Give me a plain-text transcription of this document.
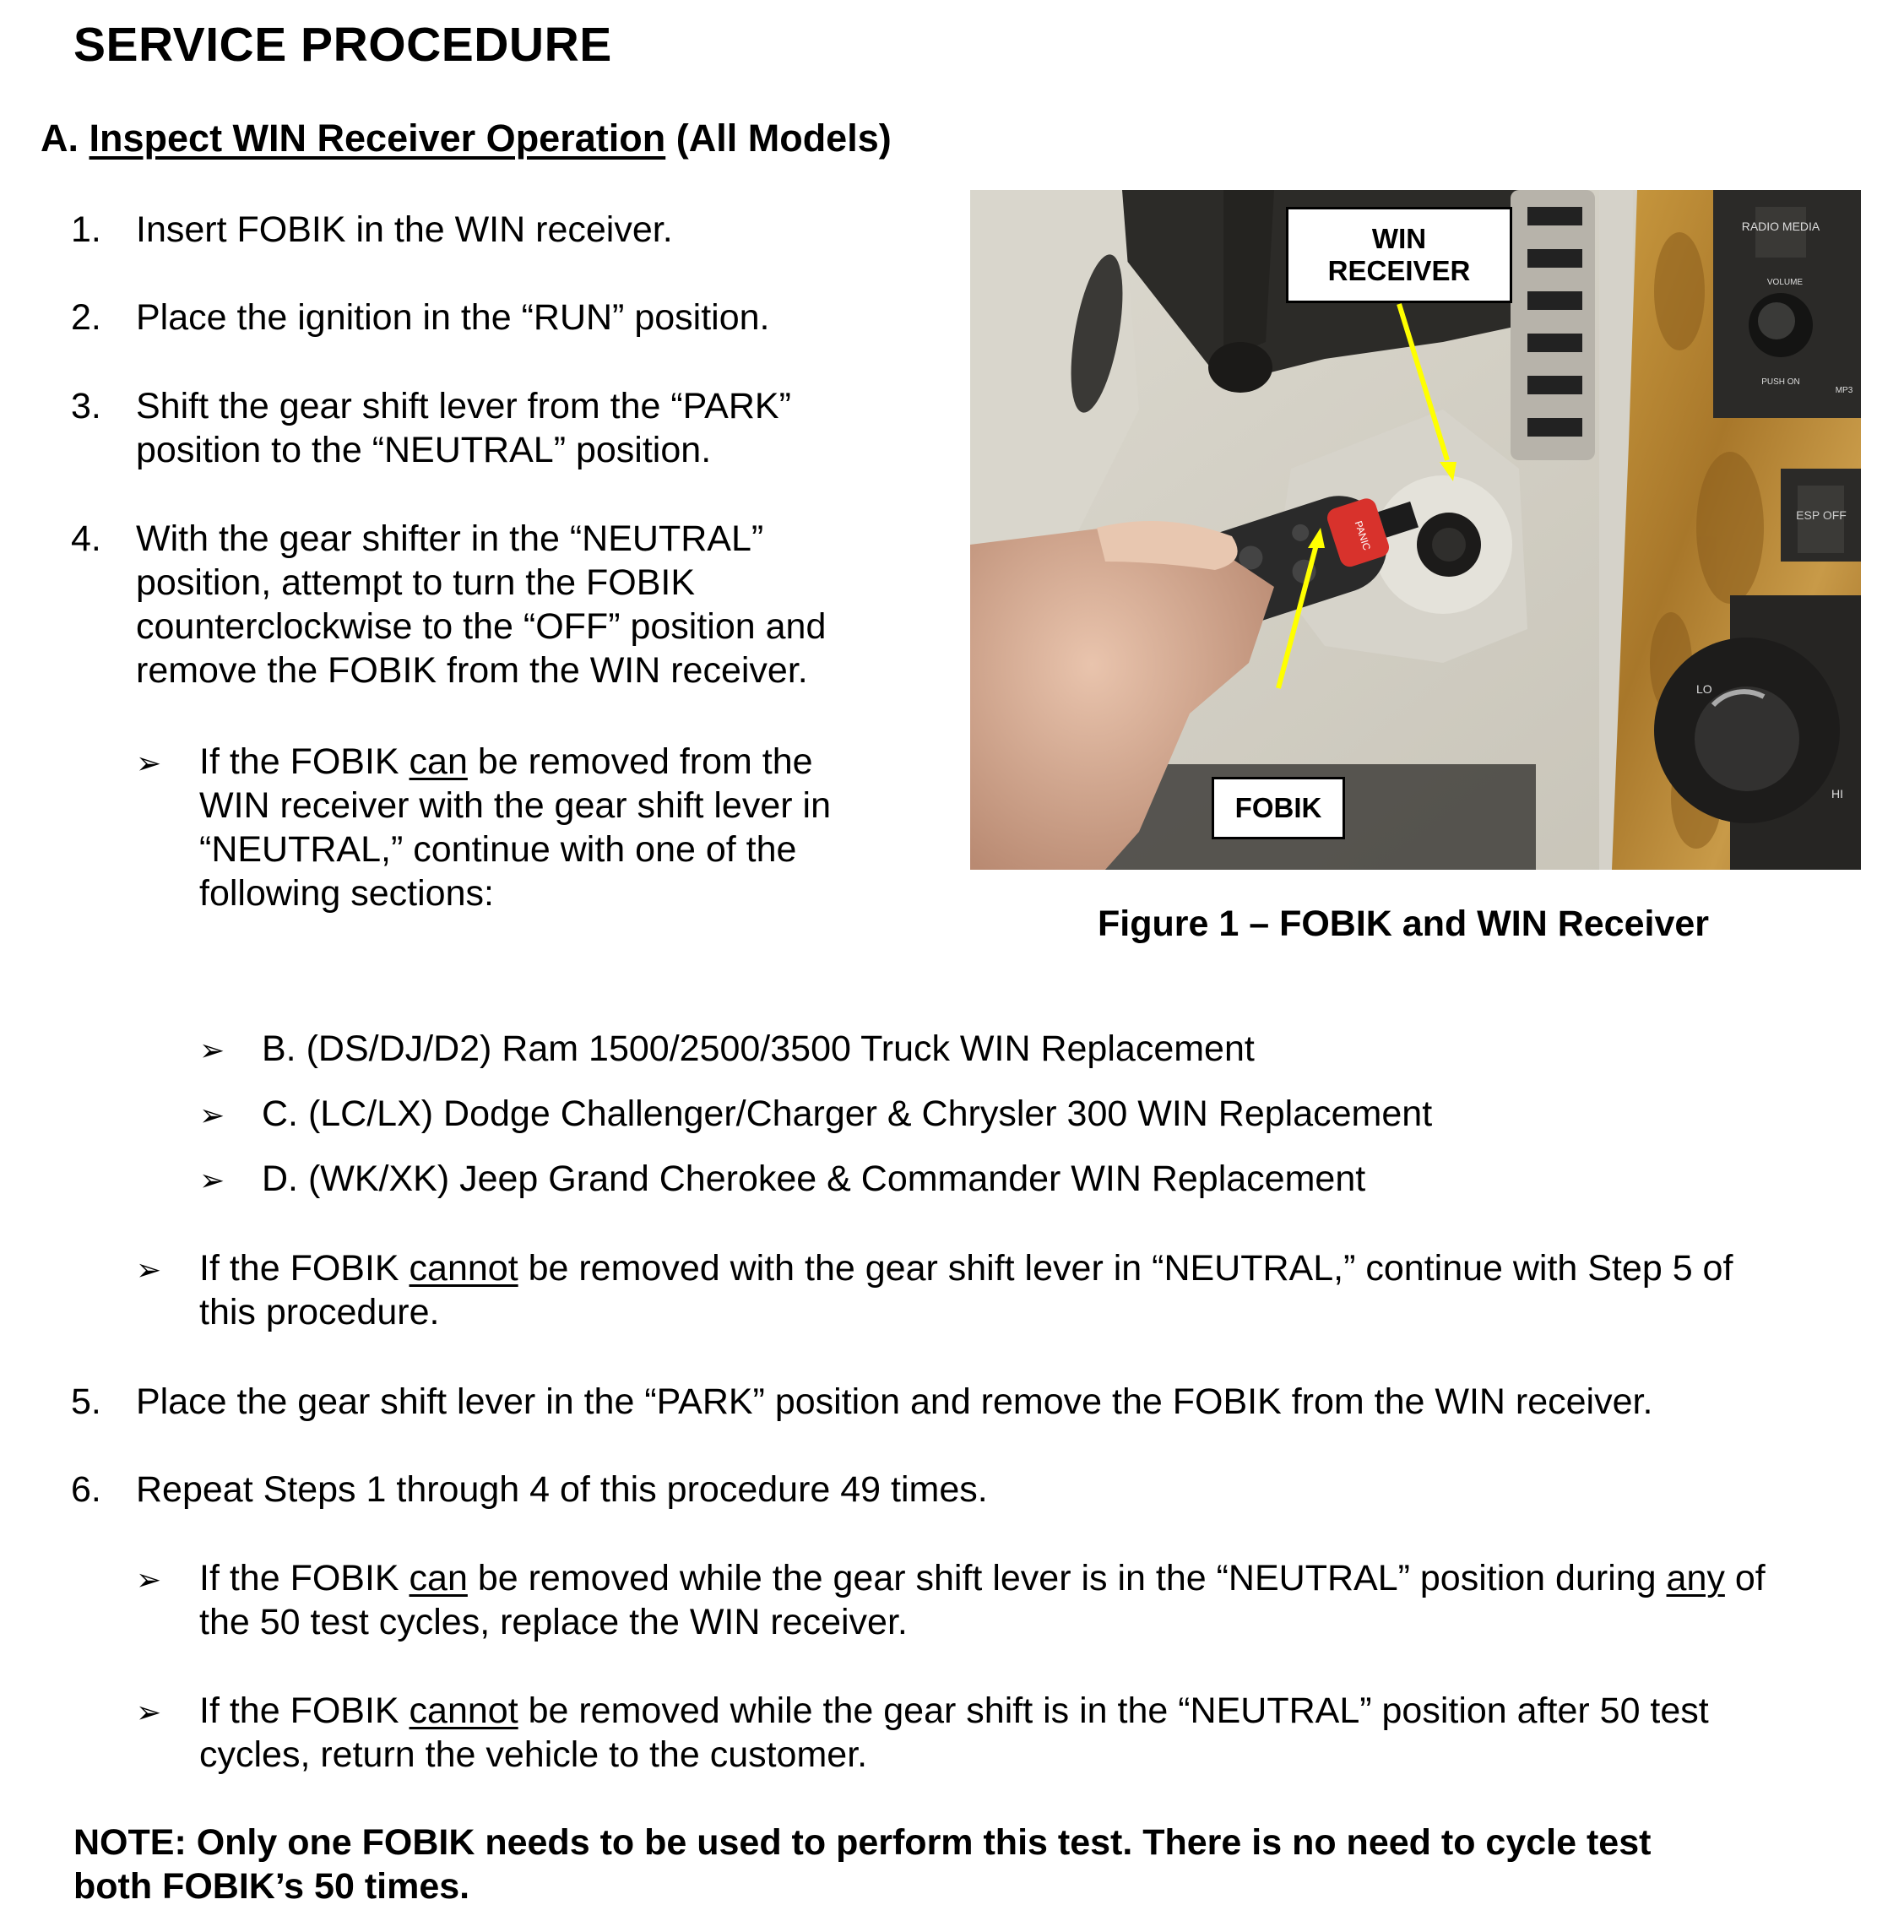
SERVICE PROCEDURE
A. Inspect WIN Receiver Operation (All Models)
1. Insert FOBIK in the WIN receiver.
2. Place the ignition in the “RUN” position.
3. Shift the gear shift lever from the “PARK”
position to the “NEUTRAL” position.
4. With the gear shifter in the “NEUTRAL”
position, attempt to turn the FOBIK
counterclockwise to the “OFF” position and
remove the FOBIK from the WIN receiver.
➢ If the FOBIK can be removed from the
WIN receiver with the gear shift lever in
“NEUTRAL,” continue with one of the
following sections:
RADIO MEDIA
VOLUME
PUSH ON
MP3
ESP OFF
LO
HI
PANIC
WIN
RECEIVER
FOBIK
Figure 1 – FOBIK and WIN Receiver
➢ B. (DS/DJ/D2) Ram 1500/2500/3500 Truck WIN Replacement
➢ C. (LC/LX) Dodge Challenger/Charger & Chrysler 300 WIN Replacement
➢ D. (WK/XK) Jeep Grand Cherokee & Commander WIN Replacement
➢ If the FOBIK cannot be removed with the gear shift lever in “NEUTRAL,” continue with Step 5 of
this procedure.
5. Place the gear shift lever in the “PARK” position and remove the FOBIK from the WIN receiver.
6. Repeat Steps 1 through 4 of this procedure 49 times.
➢ If the FOBIK can be removed while the gear shift lever is in the “NEUTRAL” position during any of
the 50 test cycles, replace the WIN receiver.
➢ If the FOBIK cannot be removed while the gear shift is in the “NEUTRAL” position after 50 test
cycles, return the vehicle to the customer.
NOTE: Only one FOBIK needs to be used to perform this test. There is no need to cycle test
both FOBIK’s 50 times.
